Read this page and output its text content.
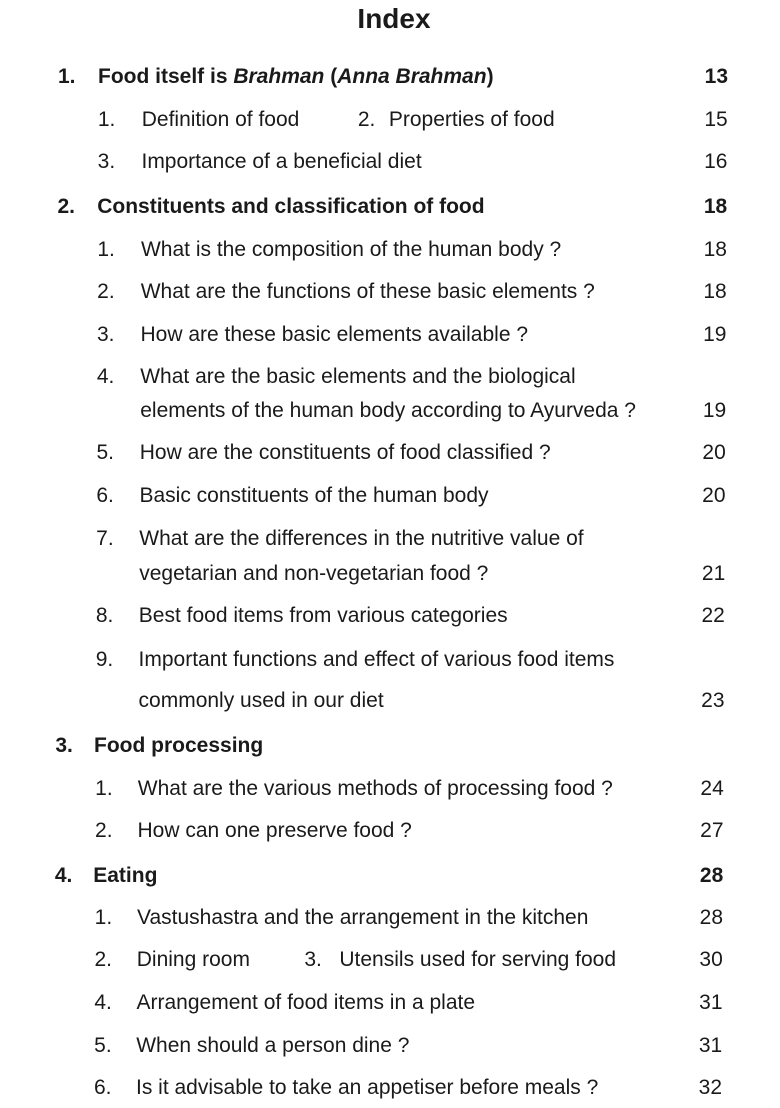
Index
1. Food itself is Brahman (Anna Brahman)	13
1. Definition of food	2. Properties of food	15
3. Importance of a beneficial diet	16
2. Constituents and classification of food	18
1. What is the composition of the human body ?	18
2. What are the functions of these basic elements ?	18
3. How are these basic elements available ?	19
4. What are the basic elements and the biological
elements of the human body according to Ayurveda ?	19
5. How are the constituents of food classified ?	20
6. Basic constituents of the human body	20
7. What are the differences in the nutritive value of
vegetarian and non-vegetarian food ?	21
8. Best food items from various categories	22
9. Important functions and effect of various food items
commonly used in our diet	23
3. Food processing
1. What are the various methods of processing food ?	24
2. How can one preserve food ?	27
4. Eating	28
1. Vastushastra and the arrangement in the kitchen	28
2. Dining room	3. Utensils used for serving food	30
4. Arrangement of food items in a plate	31
5. When should a person dine ?	31
6. Is it advisable to take an appetiser before meals ?	32
